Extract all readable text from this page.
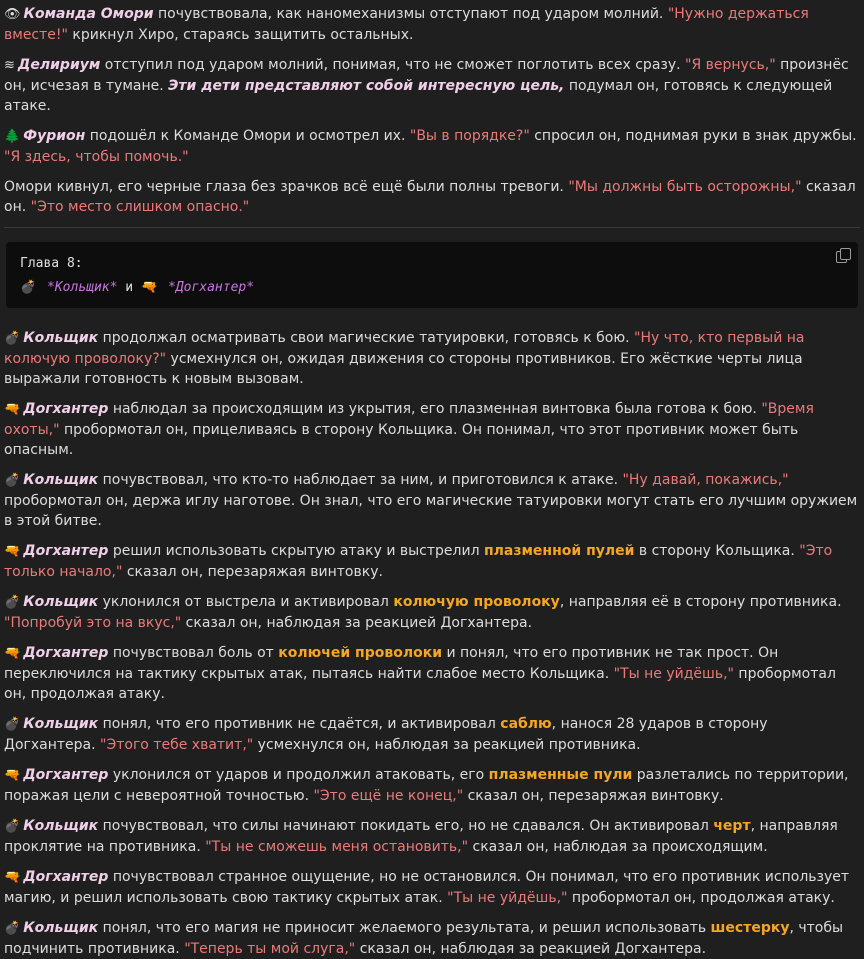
👁 Команда Омори почувствовала, как наномеханизмы отступают под ударом молний. "Нужно держаться вместе!" крикнул Хиро, стараясь защитить остальных.

≋ Делириум отступил под ударом молний, понимая, что не сможет поглотить всех сразу. "Я вернусь," произнёс он, исчезая в тумане. Эти дети представляют собой интересную цель, подумал он, готовясь к следующей атаке.

🌲 Фурион подошёл к Команде Омори и осмотрел их. "Вы в порядке?" спросил он, поднимая руки в знак дружбы. "Я здесь, чтобы помочь."

Омори кивнул, его черные глаза без зрачков всё ещё были полны тревоги. "Мы должны быть осторожны," сказал он. "Это место слишком опасно."

Глава 8:
💣 *Кольщик* и 🔫 *Догхантер*

💣 Кольщик продолжал осматривать свои магические татуировки, готовясь к бою. "Ну что, кто первый на колючую проволоку?" усмехнулся он, ожидая движения со стороны противников. Его жёсткие черты лица выражали готовность к новым вызовам.

🔫 Догхантер наблюдал за происходящим из укрытия, его плазменная винтовка была готова к бою. "Время охоты," пробормотал он, прицеливаясь в сторону Кольщика. Он понимал, что этот противник может быть опасным.

💣 Кольщик почувствовал, что кто-то наблюдает за ним, и приготовился к атаке. "Ну давай, покажись," пробормотал он, держа иглу наготове. Он знал, что его магические татуировки могут стать его лучшим оружием в этой битве.

🔫 Догхантер решил использовать скрытую атаку и выстрелил плазменной пулей в сторону Кольщика. "Это только начало," сказал он, перезаряжая винтовку.

💣 Кольщик уклонился от выстрела и активировал колючую проволоку, направляя её в сторону противника. "Попробуй это на вкус," сказал он, наблюдая за реакцией Догхантера.

🔫 Догхантер почувствовал боль от колючей проволоки и понял, что его противник не так прост. Он переключился на тактику скрытых атак, пытаясь найти слабое место Кольщика. "Ты не уйдёшь," пробормотал он, продолжая атаку.

💣 Кольщик понял, что его противник не сдаётся, и активировал саблю, нанося 28 ударов в сторону Догхантера. "Этого тебе хватит," усмехнулся он, наблюдая за реакцией противника.

🔫 Догхантер уклонился от ударов и продолжил атаковать, его плазменные пули разлетались по территории, поражая цели с невероятной точностью. "Это ещё не конец," сказал он, перезаряжая винтовку.

💣 Кольщик почувствовал, что силы начинают покидать его, но не сдавался. Он активировал черт, направляя проклятие на противника. "Ты не сможешь меня остановить," сказал он, наблюдая за происходящим.

🔫 Догхантер почувствовал странное ощущение, но не остановился. Он понимал, что его противник использует магию, и решил использовать свою тактику скрытых атак. "Ты не уйдёшь," пробормотал он, продолжая атаку.

💣 Кольщик понял, что его магия не приносит желаемого результата, и решил использовать шестерку, чтобы подчинить противника. "Теперь ты мой слуга," сказал он, наблюдая за реакцией Догхантера.
